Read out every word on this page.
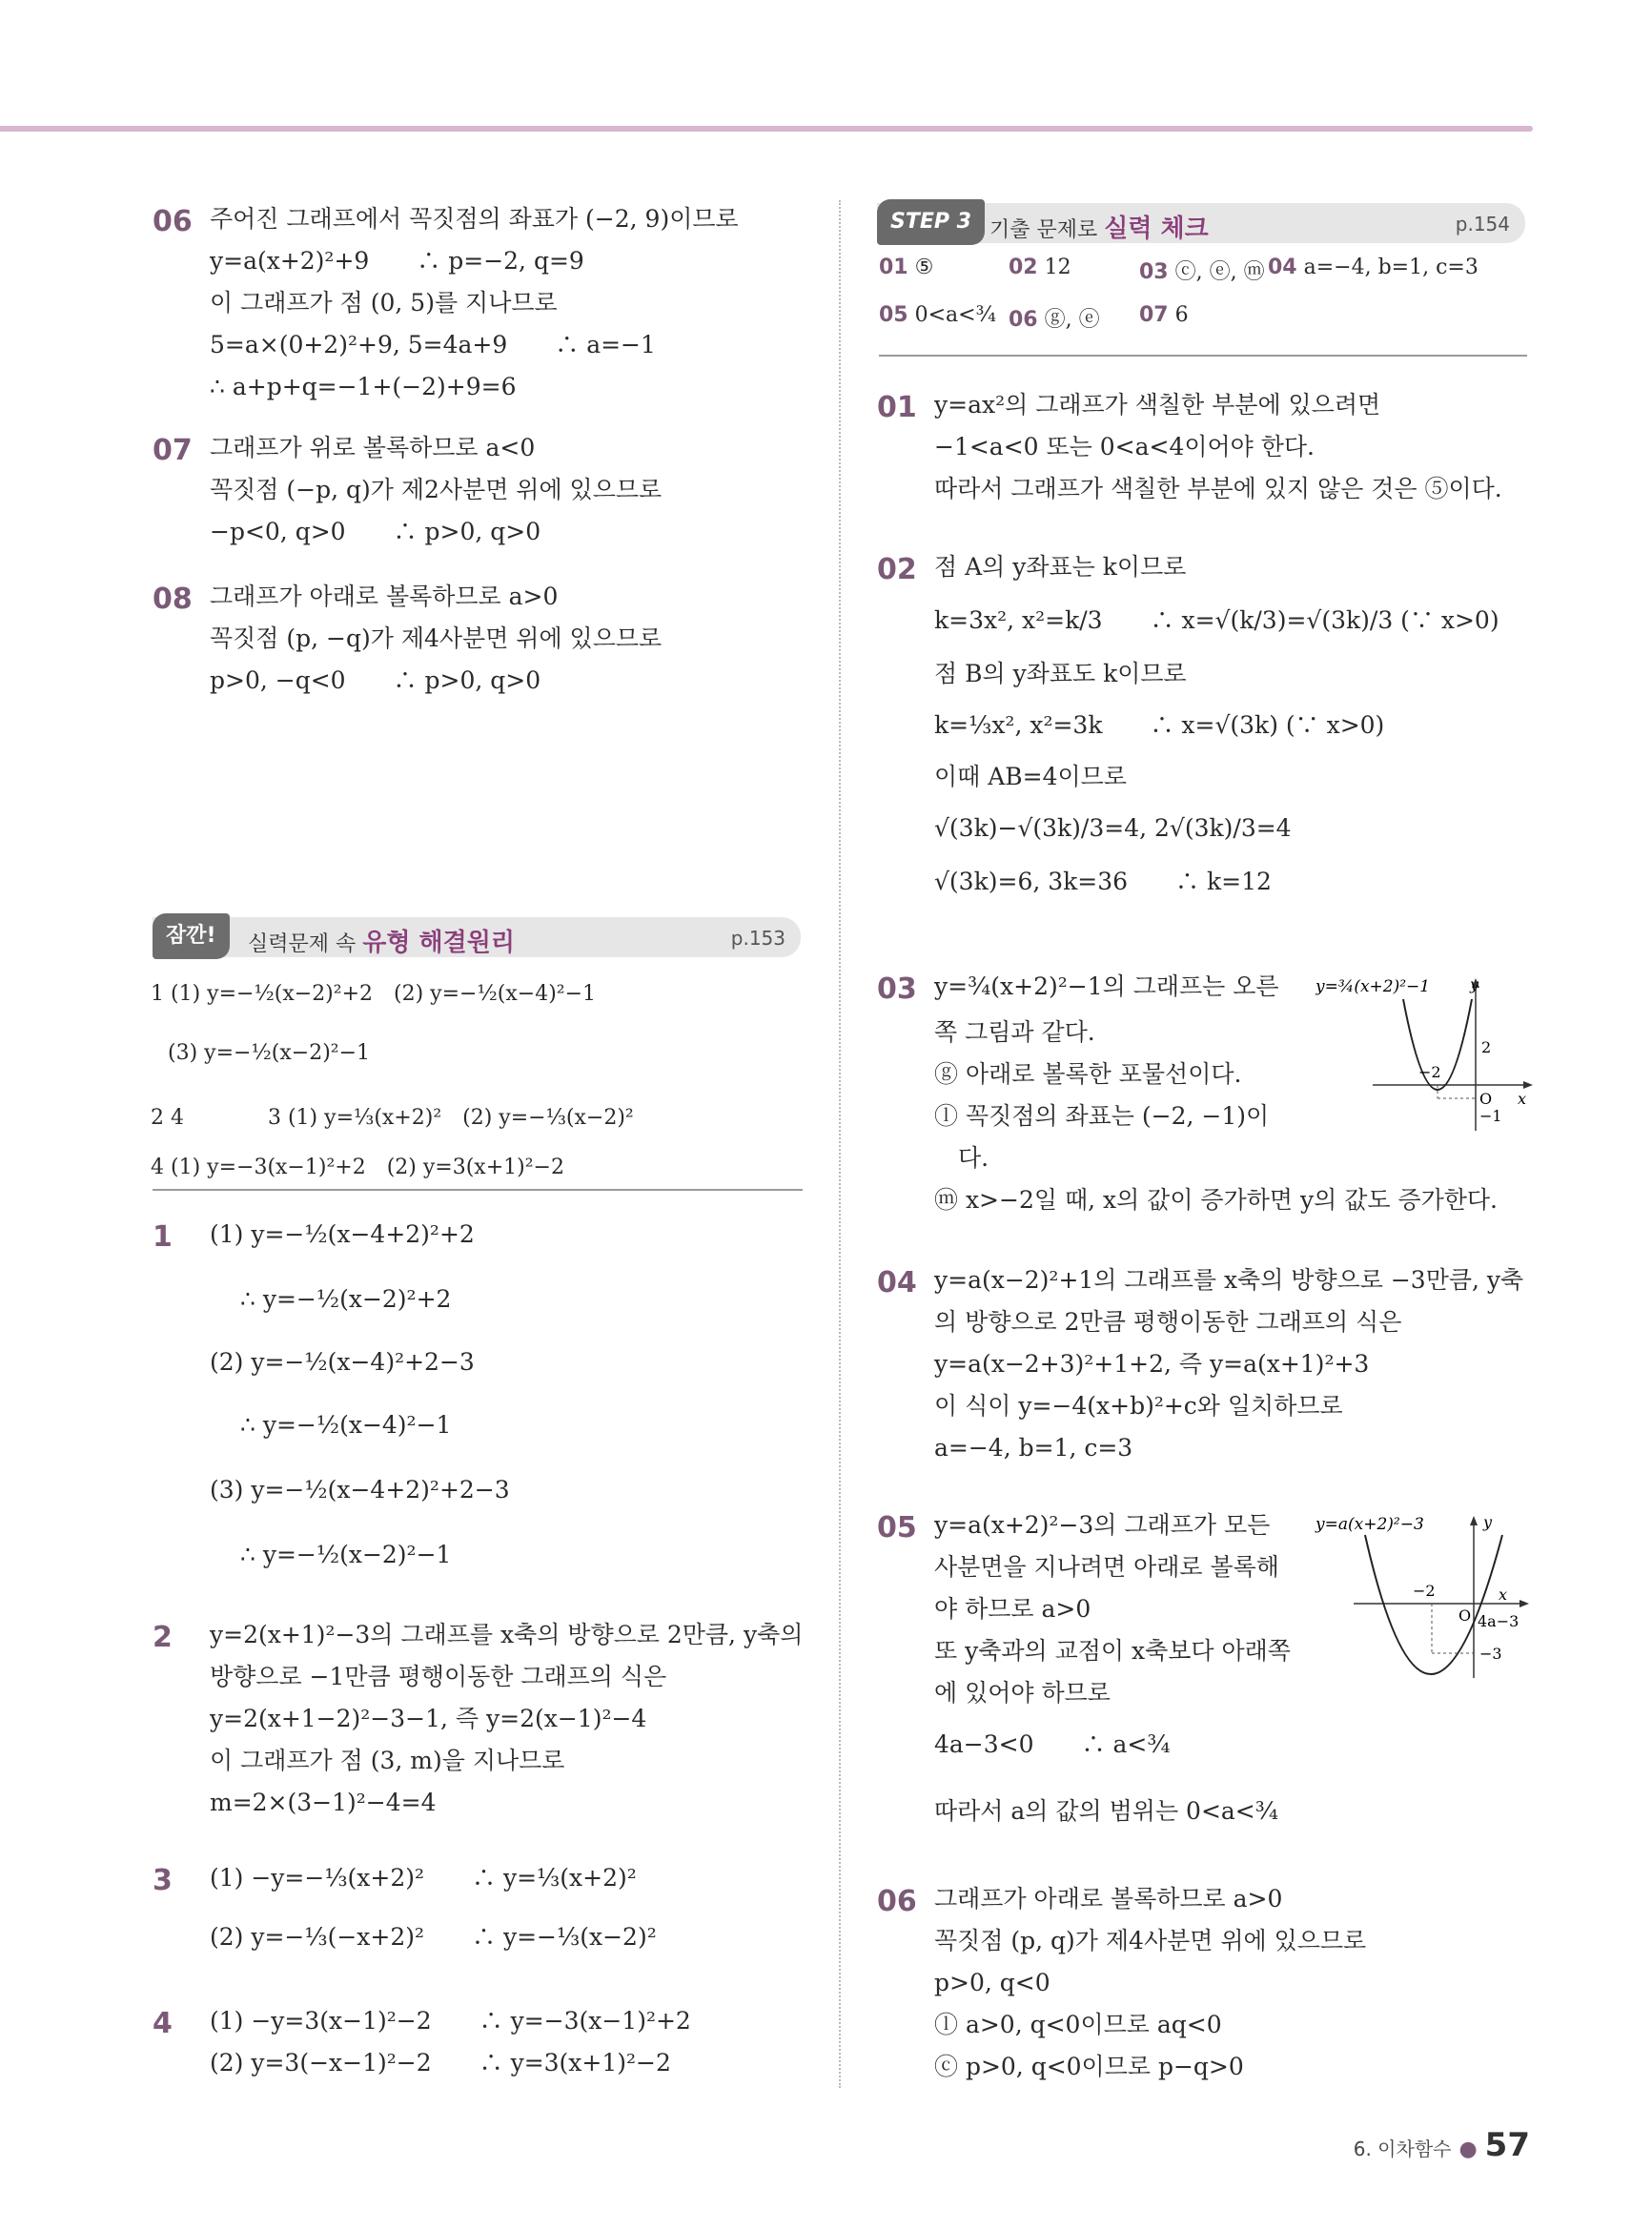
06 주어진 그래프에서 꼭짓점의 좌표가 (−2, 9)이므로
y=a(x+2)²+9　　∴ p=−2, q=9
이 그래프가 점 (0, 5)를 지나므로
5=a×(0+2)²+9, 5=4a+9　　∴ a=−1
∴ a+p+q=−1+(−2)+9=6
07 그래프가 위로 볼록하므로 a<0
꼭짓점 (−p, q)가 제2사분면 위에 있으므로
−p<0, q>0　　∴ p>0, q>0
08 그래프가 아래로 볼록하므로 a>0
꼭짓점 (p, −q)가 제4사분면 위에 있으므로
p>0, −q<0　　∴ p>0, q>0
잠깐!	실력문제 속 유형 해결원리	p.153
1 (1) y=−½(x−2)²+2　(2) y=−½(x−4)²−1
(3) y=−½(x−2)²−1
2 4　　　　3 (1) y=⅓(x+2)²　(2) y=−⅓(x−2)²
4 (1) y=−3(x−1)²+2　(2) y=3(x+1)²−2
1 (1) y=−½(x−4+2)²+2
∴ y=−½(x−2)²+2
(2) y=−½(x−4)²+2−3
∴ y=−½(x−4)²−1
(3) y=−½(x−4+2)²+2−3
∴ y=−½(x−2)²−1
2 y=2(x+1)²−3의 그래프를 x축의 방향으로 2만큼, y축의
방향으로 −1만큼 평행이동한 그래프의 식은
y=2(x+1−2)²−3−1, 즉 y=2(x−1)²−4
이 그래프가 점 (3, m)을 지나므로
m=2×(3−1)²−4=4
3 (1) −y=−⅓(x+2)²　　∴ y=⅓(x+2)²
(2) y=−⅓(−x+2)²　　∴ y=−⅓(x−2)²
4 (1) −y=3(x−1)²−2　　∴ y=−3(x−1)²+2
(2) y=3(−x−1)²−2　　∴ y=3(x+1)²−2
STEP 3 기출 문제로 실력 체크	p.154
01 ⑤	02 12	03 ⓒ, ⓔ, ⓜ 04 a=−4, b=1, c=3
05 0<a<¾ 06 ⓖ, ⓔ 07 6
01 y=ax²의 그래프가 색칠한 부분에 있으려면
−1<a<0 또는 0<a<4이어야 한다.
따라서 그래프가 색칠한 부분에 있지 않은 것은 ⑤이다.
02 점 A의 y좌표는 k이므로
k=3x², x²=k/3　　∴ x=√(k/3)=√(3k)/3 (∵ x>0)
점 B의 y좌표도 k이므로
k=⅓x², x²=3k　　∴ x=√(3k) (∵ x>0)
이때 AB=4이므로
√(3k)−√(3k)/3=4, 2√(3k)/3=4
√(3k)=6, 3k=36　　∴ k=12
03 y=¾(x+2)²−1의 그래프는 오른
쪽 그림과 같다.
ⓖ 아래로 볼록한 포물선이다.
ⓛ 꼭짓점의 좌표는 (−2, −1)이
　다.
ⓜ x>−2일 때, x의 값이 증가하면 y의 값도 증가한다.
y=¾(x+2)²−1	y
x
O
−2
2
−1
04 y=a(x−2)²+1의 그래프를 x축의 방향으로 −3만큼, y축
의 방향으로 2만큼 평행이동한 그래프의 식은
y=a(x−2+3)²+1+2, 즉 y=a(x+1)²+3
이 식이 y=−4(x+b)²+c와 일치하므로
a=−4, b=1, c=3
05 y=a(x+2)²−3의 그래프가 모든
사분면을 지나려면 아래로 볼록해
야 하므로 a>0
또 y축과의 교점이 x축보다 아래쪽
에 있어야 하므로
4a−3<0　　∴ a<¾
따라서 a의 값의 범위는 0<a<¾
y=a(x+2)²−3	y
x
O
−2
4a−3
−3
06 그래프가 아래로 볼록하므로 a>0
꼭짓점 (p, q)가 제4사분면 위에 있으므로
p>0, q<0
ⓛ a>0, q<0이므로 aq<0
ⓒ p>0, q<0이므로 p−q>0
6. 이차함수 ● 57
